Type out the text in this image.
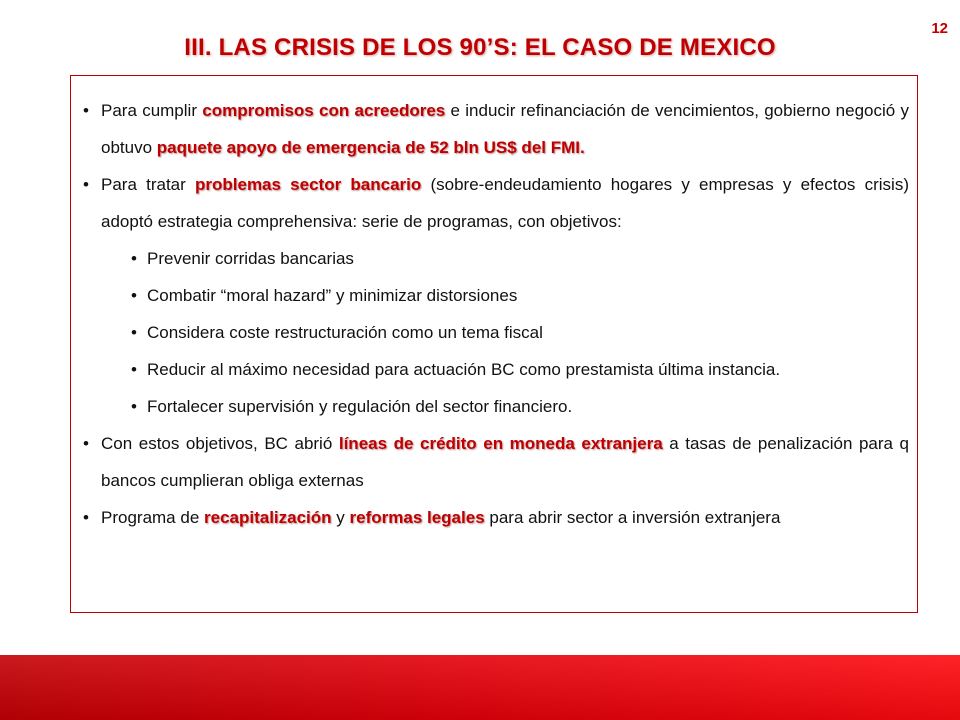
12
III. LAS CRISIS DE LOS 90’S: EL CASO DE MEXICO
• Para cumplir compromisos con acreedores e inducir refinanciación de vencimientos, gobierno negoció y obtuvo paquete apoyo de emergencia de 52 bln US$ del FMI.
• Para tratar problemas sector bancario (sobre-endeudamiento hogares y empresas y efectos crisis) adoptó estrategia comprehensiva: serie de programas, con objetivos:
• Prevenir corridas bancarias
• Combatir “moral hazard” y minimizar distorsiones
• Considera coste restructuración como un tema fiscal
• Reducir al máximo necesidad para actuación BC como prestamista última instancia.
• Fortalecer supervisión y regulación del sector financiero.
• Con estos objetivos, BC abrió líneas de crédito en moneda extranjera a tasas de penalización para q bancos cumplieran obliga externas
• Programa de recapitalización y reformas legales para abrir sector a inversión extranjera
